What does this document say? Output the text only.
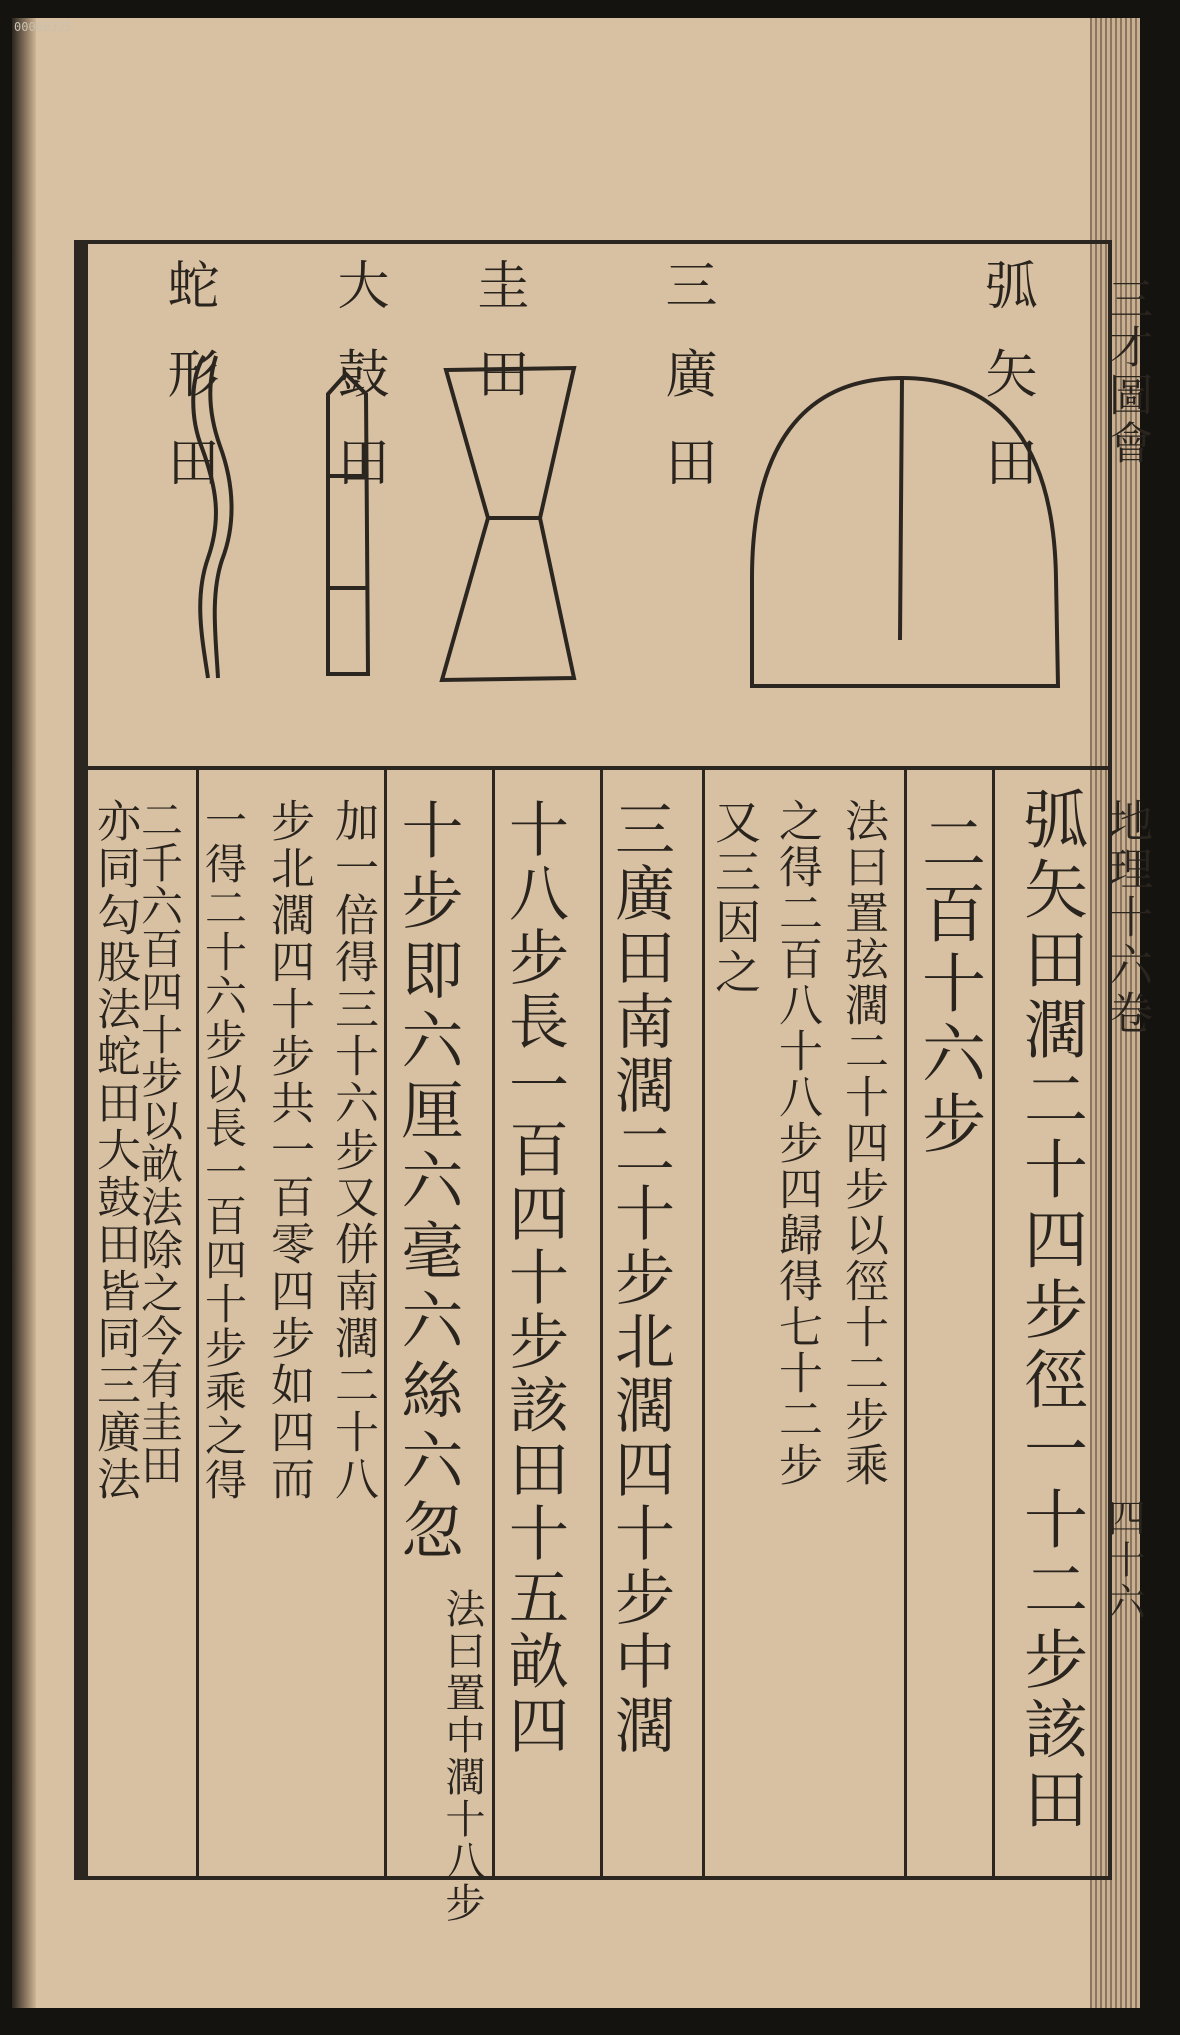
00060325
三才圖會
地理十六卷
四十六
弧 矢 田
三 廣 田
圭 田
大 鼓 田
蛇 形 田
弧矢田濶二十四步徑一十二步該田
二百十六步
法曰置弦濶二十四步以徑十二步乘
之得二百八十八步四歸得七十二步
又三因之
三廣田南濶二十步北濶四十步中濶
十八步長一百四十步該田十五畝四
十步即六厘六毫六絲六忽
法曰置中濶十八步
加一倍得三十六步又併南濶二十八
步北濶四十步共一百零四步如四而
一得二十六步以長一百四十步乘之得
二千六百四十步以畝法除之今有圭田
亦同勾股法蛇田大鼓田皆同三廣法
